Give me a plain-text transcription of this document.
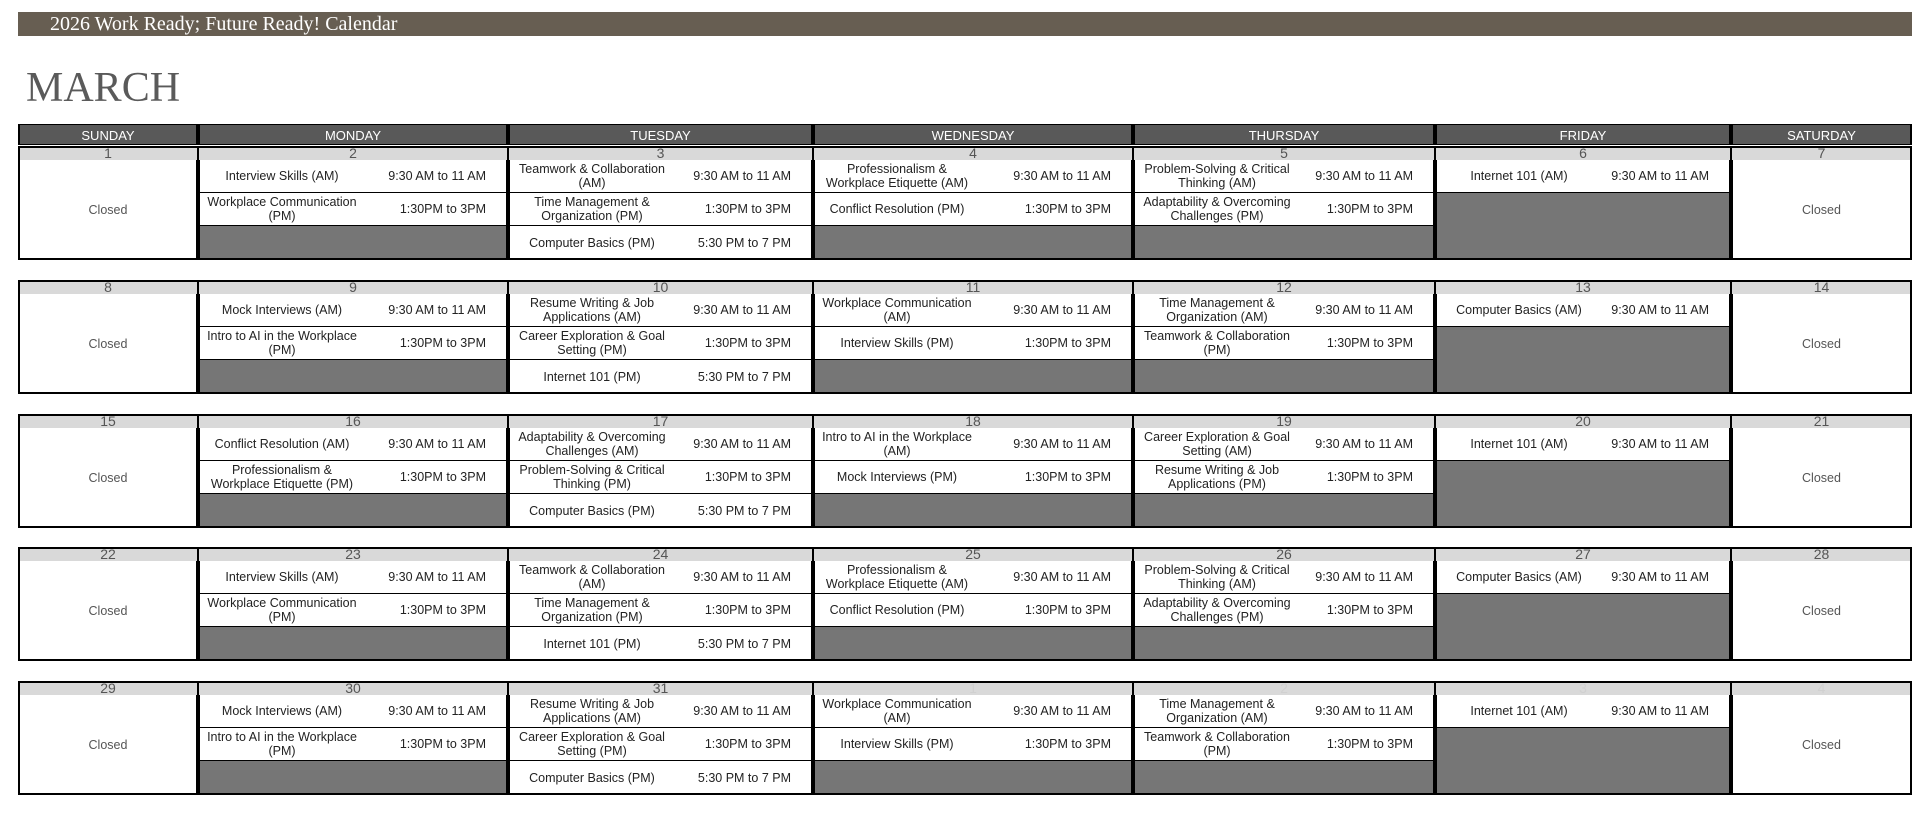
2026 Work Ready; Future Ready! Calendar
MARCH
SUNDAY	MONDAY	TUESDAY	WEDNESDAY	THURSDAY	FRIDAY	SATURDAY
1
Closed
2
Interview Skills (AM)	9:30 AM to 11 AM
Workplace Communication (PM)	1:30PM to 3PM
3
Teamwork & Collaboration (AM)	9:30 AM to 11 AM
Time Management & Organization (PM)	1:30PM to 3PM
Computer Basics (PM)	5:30 PM to 7 PM
4
Professionalism & Workplace Etiquette (AM)	9:30 AM to 11 AM
Conflict Resolution (PM)	1:30PM to 3PM
5
Problem-Solving & Critical Thinking (AM)	9:30 AM to 11 AM
Adaptability & Overcoming Challenges (PM)	1:30PM to 3PM
6
Internet 101 (AM)	9:30 AM to 11 AM
7
Closed
8
Closed
9
Mock Interviews (AM)	9:30 AM to 11 AM
Intro to AI in the Workplace (PM)	1:30PM to 3PM
10
Resume Writing & Job Applications (AM)	9:30 AM to 11 AM
Career Exploration & Goal Setting (PM)	1:30PM to 3PM
Internet 101 (PM)	5:30 PM to 7 PM
11
Workplace Communication (AM)	9:30 AM to 11 AM
Interview Skills (PM)	1:30PM to 3PM
12
Time Management & Organization (AM)	9:30 AM to 11 AM
Teamwork & Collaboration (PM)	1:30PM to 3PM
13
Computer Basics (AM)	9:30 AM to 11 AM
14
Closed
15
Closed
16
Conflict Resolution (AM)	9:30 AM to 11 AM
Professionalism & Workplace Etiquette (PM)	1:30PM to 3PM
17
Adaptability & Overcoming Challenges (AM)	9:30 AM to 11 AM
Problem-Solving & Critical Thinking (PM)	1:30PM to 3PM
Computer Basics (PM)	5:30 PM to 7 PM
18
Intro to AI in the Workplace (AM)	9:30 AM to 11 AM
Mock Interviews (PM)	1:30PM to 3PM
19
Career Exploration & Goal Setting (AM)	9:30 AM to 11 AM
Resume Writing & Job Applications (PM)	1:30PM to 3PM
20
Internet 101 (AM)	9:30 AM to 11 AM
21
Closed
22
Closed
23
Interview Skills (AM)	9:30 AM to 11 AM
Workplace Communication (PM)	1:30PM to 3PM
24
Teamwork & Collaboration (AM)	9:30 AM to 11 AM
Time Management & Organization (PM)	1:30PM to 3PM
Internet 101 (PM)	5:30 PM to 7 PM
25
Professionalism & Workplace Etiquette (AM)	9:30 AM to 11 AM
Conflict Resolution (PM)	1:30PM to 3PM
26
Problem-Solving & Critical Thinking (AM)	9:30 AM to 11 AM
Adaptability & Overcoming Challenges (PM)	1:30PM to 3PM
27
Computer Basics (AM)	9:30 AM to 11 AM
28
Closed
29
Closed
30
Mock Interviews (AM)	9:30 AM to 11 AM
Intro to AI in the Workplace (PM)	1:30PM to 3PM
31
Resume Writing & Job Applications (AM)	9:30 AM to 11 AM
Career Exploration & Goal Setting (PM)	1:30PM to 3PM
Computer Basics (PM)	5:30 PM to 7 PM
1
Workplace Communication (AM)	9:30 AM to 11 AM
Interview Skills (PM)	1:30PM to 3PM
2
Time Management & Organization (AM)	9:30 AM to 11 AM
Teamwork & Collaboration (PM)	1:30PM to 3PM
3
Internet 101 (AM)	9:30 AM to 11 AM
4
Closed
